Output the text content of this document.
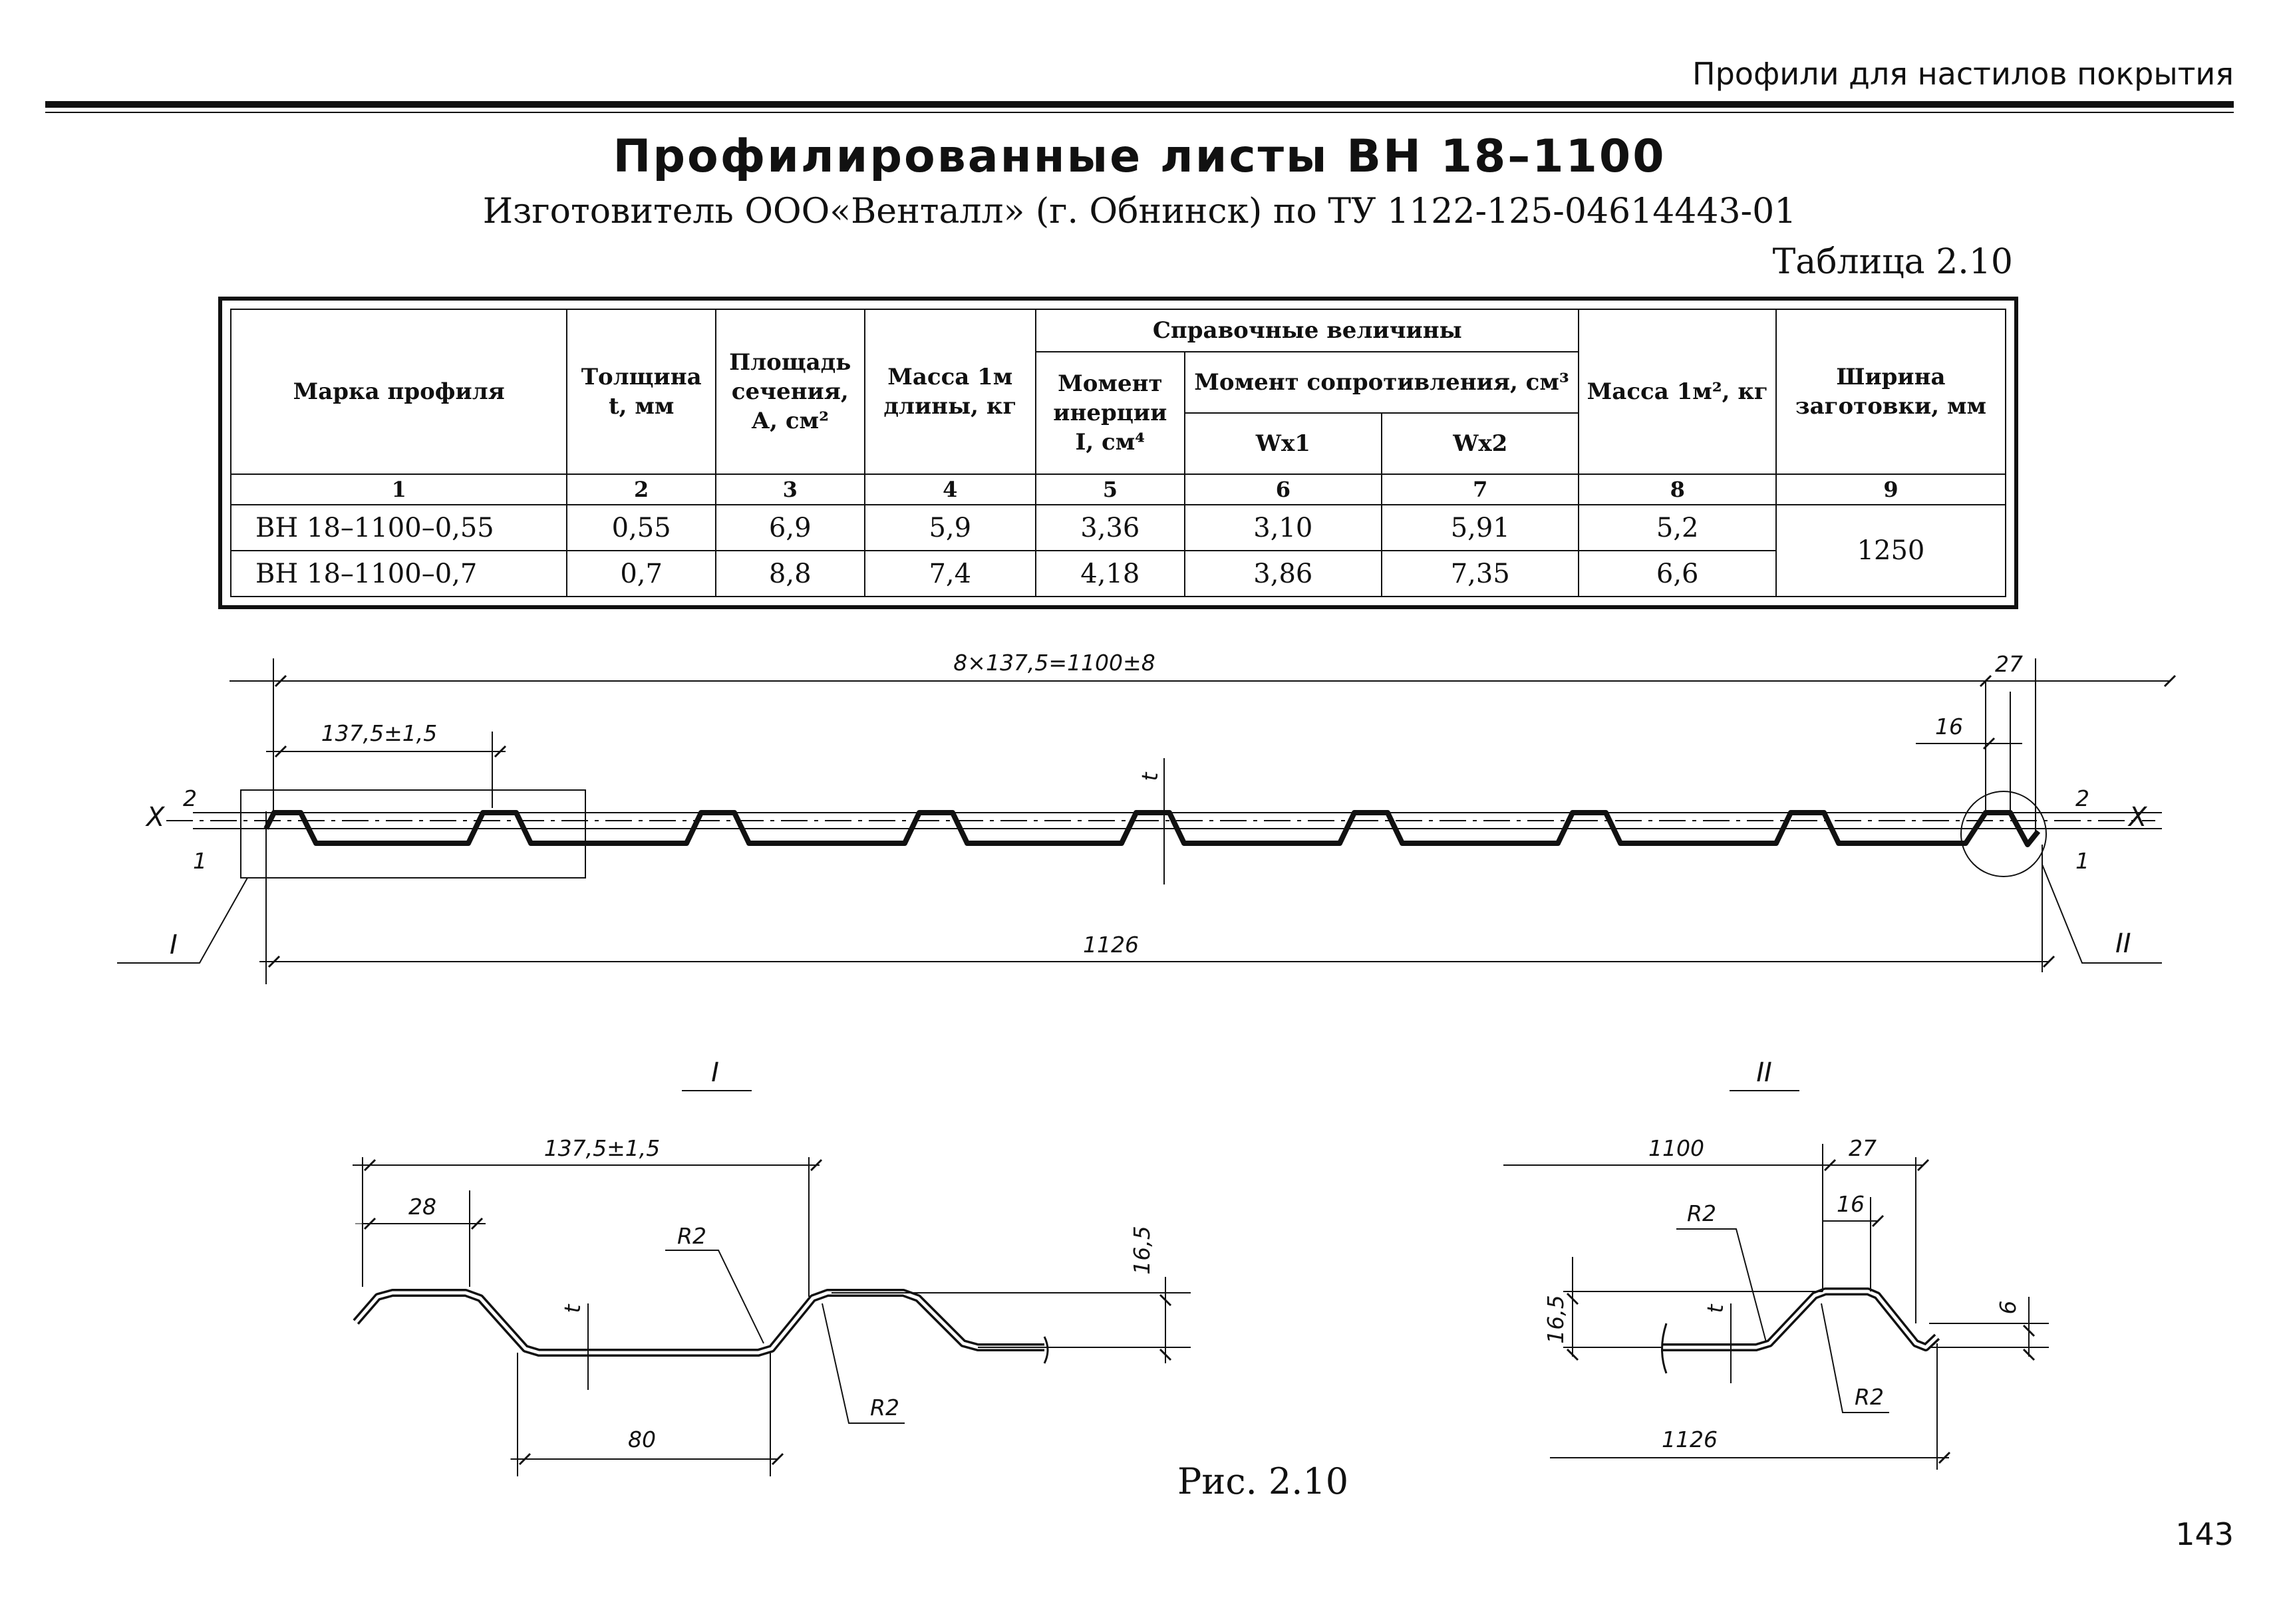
Профили для настилов покрытия
Профилированные листы ВН 18–1100
Изготовитель ООО«Венталл» (г. Обнинск) по ТУ 1122-125-04614443-01
Таблица 2.10
Марка профиля	Толщина t, мм	Площадь сечения, А, см²	Масса 1м длины, кг	Справочные величины			Масса 1м², кг	Ширина заготовки, мм
				Момент инерции I, см⁴	Момент сопротивления, см³			
					Wx1	Wx2		
1	2	3	4	5	6	7	8	9
ВН 18–1100–0,55	0,55	6,9	5,9	3,36	3,10	5,91	5,2	1250
ВН 18–1100–0,7	0,7	8,8	7,4	4,18	3,86	7,35	6,6	
8×137,5=1100±8
137,5±1,5
27
16
1126
t
X	X
2
1
2
1
I	II
I
137,5±1,5
28
16,5
80
t
R2
R2
II
1100	27
16
16,5	6
1126
t
R2
R2
Рис. 2.10
143
